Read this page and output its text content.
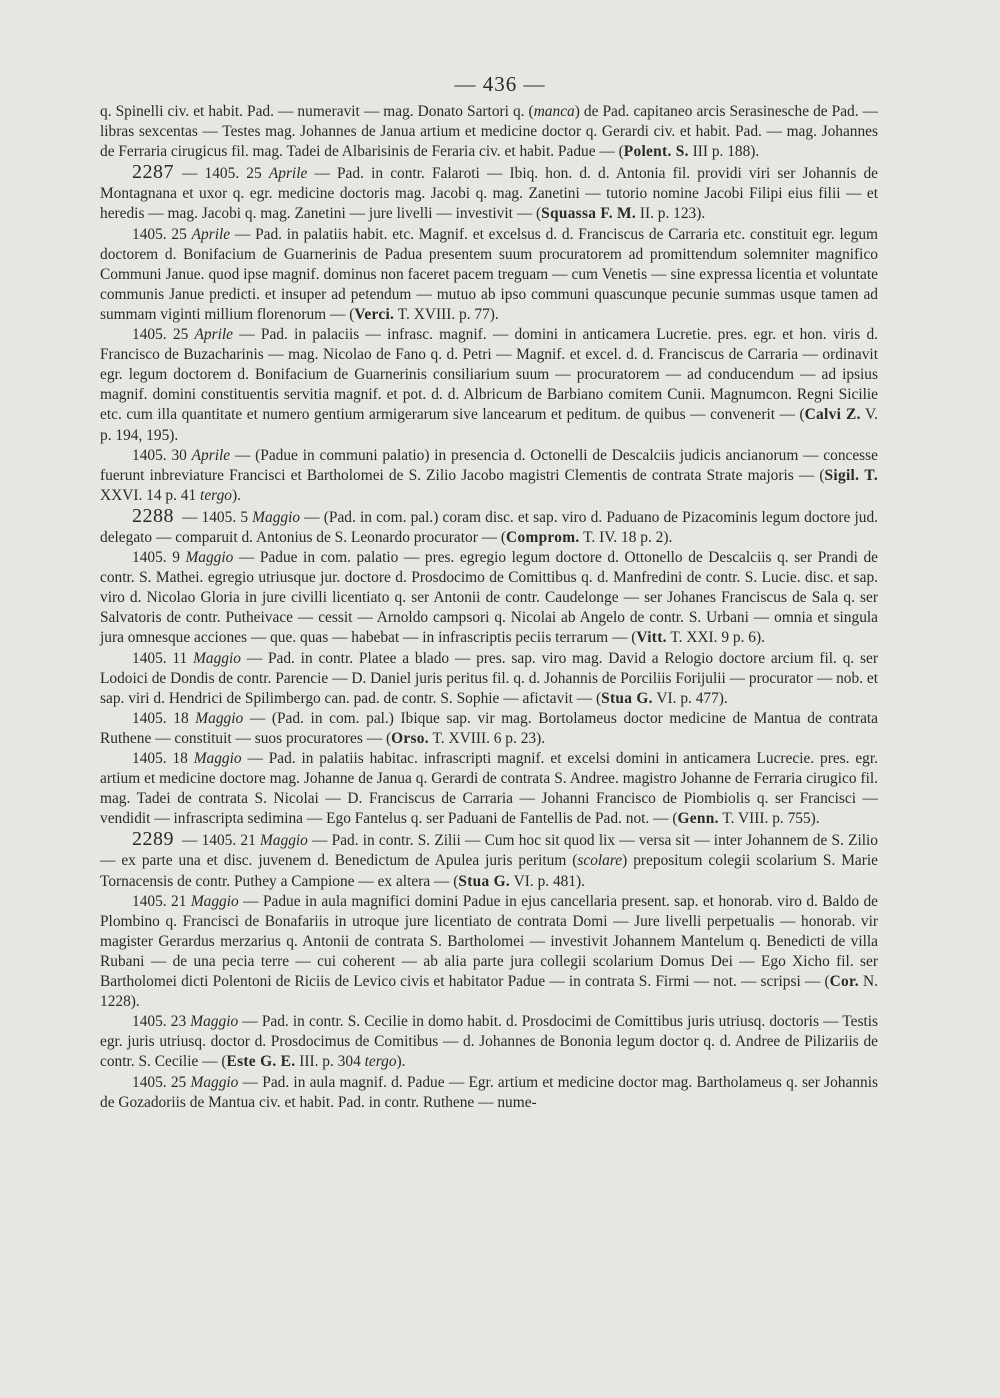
— 436 —

q. Spinelli civ. et habit. Pad. — numeravit — mag. Donato Sartori q. (manca) de Pad. capitaneo arcis Serasinesche de Pad. — libras sexcentas — Testes mag. Johannes de Janua artium et medicine doctor q. Gerardi civ. et habit. Pad. — mag. Johannes de Ferraria cirugicus fil. mag. Tadei de Albarisinis de Feraria civ. et habit. Padue — (Polent. S. III p. 188).

2287 — 1405. 25 Aprile — Pad. in contr. Falaroti — Ibiq. hon. d. d. Antonia fil. providi viri ser Johannis de Montagnana et uxor q. egr. medicine doctoris mag. Jacobi q. mag. Zanetini — tutorio nomine Jacobi Filipi eius filii — et heredis — mag. Jacobi q. mag. Zanetini — jure livelli — investivit — (Squassa F. M. II. p. 123).

1405. 25 Aprile — Pad. in palatiis habit. etc. Magnif. et excelsus d. d. Franciscus de Carraria etc. constituit egr. legum doctorem d. Bonifacium de Guarnerinis de Padua presentem suum procuratorem ad promittendum solemniter magnifico Communi Janue. quod ipse magnif. dominus non faceret pacem treguam — cum Venetis — sine expressa licentia et voluntate communis Janue predicti. et insuper ad petendum — mutuo ab ipso communi quascunque pecunie summas usque tamen ad summam viginti millium florenorum — (Verci. T. XVIII. p. 77).

1405. 25 Aprile — Pad. in palaciis — infrasc. magnif. — domini in anticamera Lucretie. pres. egr. et hon. viris d. Francisco de Buzacharinis — mag. Nicolao de Fano q. d. Petri — Magnif. et excel. d. d. Franciscus de Carraria — ordinavit egr. legum doctorem d. Bonifacium de Guarnerinis consiliarium suum — procuratorem — ad conducendum — ad ipsius magnif. domini constituentis servitia magnif. et pot. d. d. Albricum de Barbiano comitem Cunii. Magnumcon. Regni Sicilie etc. cum illa quantitate et numero gentium armigerarum sive lancearum et peditum. de quibus — convenerit — (Calvi Z. V. p. 194, 195).

1405. 30 Aprile — (Padue in communi palatio) in presencia d. Octonelli de Descalciis judicis ancianorum — concesse fuerunt inbreviature Francisci et Bartholomei de S. Zilio Jacobo magistri Clementis de contrata Strate majoris — (Sigil. T. XXVI. 14 p. 41 tergo).

2288 — 1405. 5 Maggio — (Pad. in com. pal.) coram disc. et sap. viro d. Paduano de Pizacominis legum doctore jud. delegato — comparuit d. Antonius de S. Leonardo procurator — (Comprom. T. IV. 18 p. 2).

1405. 9 Maggio — Padue in com. palatio — pres. egregio legum doctore d. Ottonello de Descalciis q. ser Prandi de contr. S. Mathei. egregio utriusque jur. doctore d. Prosdocimo de Comittibus q. d. Manfredini de contr. S. Lucie. disc. et sap. viro d. Nicolao Gloria in jure civilli licentiato q. ser Antonii de contr. Caudelonge — ser Johanes Franciscus de Sala q. ser Salvatoris de contr. Putheivace — cessit — Arnoldo campsori q. Nicolai ab Angelo de contr. S. Urbani — omnia et singula jura omnesque acciones — que. quas — habebat — in infrascriptis peciis terrarum — (Vitt. T. XXI. 9 p. 6).

1405. 11 Maggio — Pad. in contr. Platee a blado — pres. sap. viro mag. David a Relogio doctore arcium fil. q. ser Lodoici de Dondis de contr. Parencie — D. Daniel juris peritus fil. q. d. Johannis de Porciliis Forijulii — procurator — nob. et sap. viri d. Hendrici de Spilimbergo can. pad. de contr. S. Sophie — afictavit — (Stua G. VI. p. 477).

1405. 18 Maggio — (Pad. in com. pal.) Ibique sap. vir mag. Bortolameus doctor medicine de Mantua de contrata Ruthene — constituit — suos procuratores — (Orso. T. XVIII. 6 p. 23).

1405. 18 Maggio — Pad. in palatiis habitac. infrascripti magnif. et excelsi domini in anticamera Lucrecie. pres. egr. artium et medicine doctore mag. Johanne de Janua q. Gerardi de contrata S. Andree. magistro Johanne de Ferraria cirugico fil. mag. Tadei de contrata S. Nicolai — D. Franciscus de Carraria — Johanni Francisco de Piombiolis q. ser Francisci — vendidit — infrascripta sedimina — Ego Fantelus q. ser Paduani de Fantellis de Pad. not. — (Genn. T. VIII. p. 755).

2289 — 1405. 21 Maggio — Pad. in contr. S. Zilii — Cum hoc sit quod lix — versa sit — inter Johannem de S. Zilio — ex parte una et disc. juvenem d. Benedictum de Apulea juris peritum (scolare) prepositum colegii scolarium S. Marie Tornacensis de contr. Puthey a Campione — ex altera — (Stua G. VI. p. 481).

1405. 21 Maggio — Padue in aula magnifici domini Padue in ejus cancellaria present. sap. et honorab. viro d. Baldo de Plombino q. Francisci de Bonafariis in utroque jure licentiato de contrata Domi — Jure livelli perpetualis — honorab. vir magister Gerardus merzarius q. Antonii de contrata S. Bartholomei — investivit Johannem Mantelum q. Benedicti de villa Rubani — de una pecia terre — cui coherent — ab alia parte jura collegii scolarium Domus Dei — Ego Xicho fil. ser Bartholomei dicti Polentoni de Riciis de Levico civis et habitator Padue — in contrata S. Firmi — not. — scripsi — (Cor. N. 1228).

1405. 23 Maggio — Pad. in contr. S. Cecilie in domo habit. d. Prosdocimi de Comittibus juris utriusq. doctoris — Testis egr. juris utriusq. doctor d. Prosdocimus de Comitibus — d. Johannes de Bononia legum doctor q. d. Andree de Pilizariis de contr. S. Cecilie — (Este G. E. III. p. 304 tergo).

1405. 25 Maggio — Pad. in aula magnif. d. Padue — Egr. artium et medicine doctor mag. Bartholameus q. ser Johannis de Gozadoriis de Mantua civ. et habit. Pad. in contr. Ruthene — nume-
